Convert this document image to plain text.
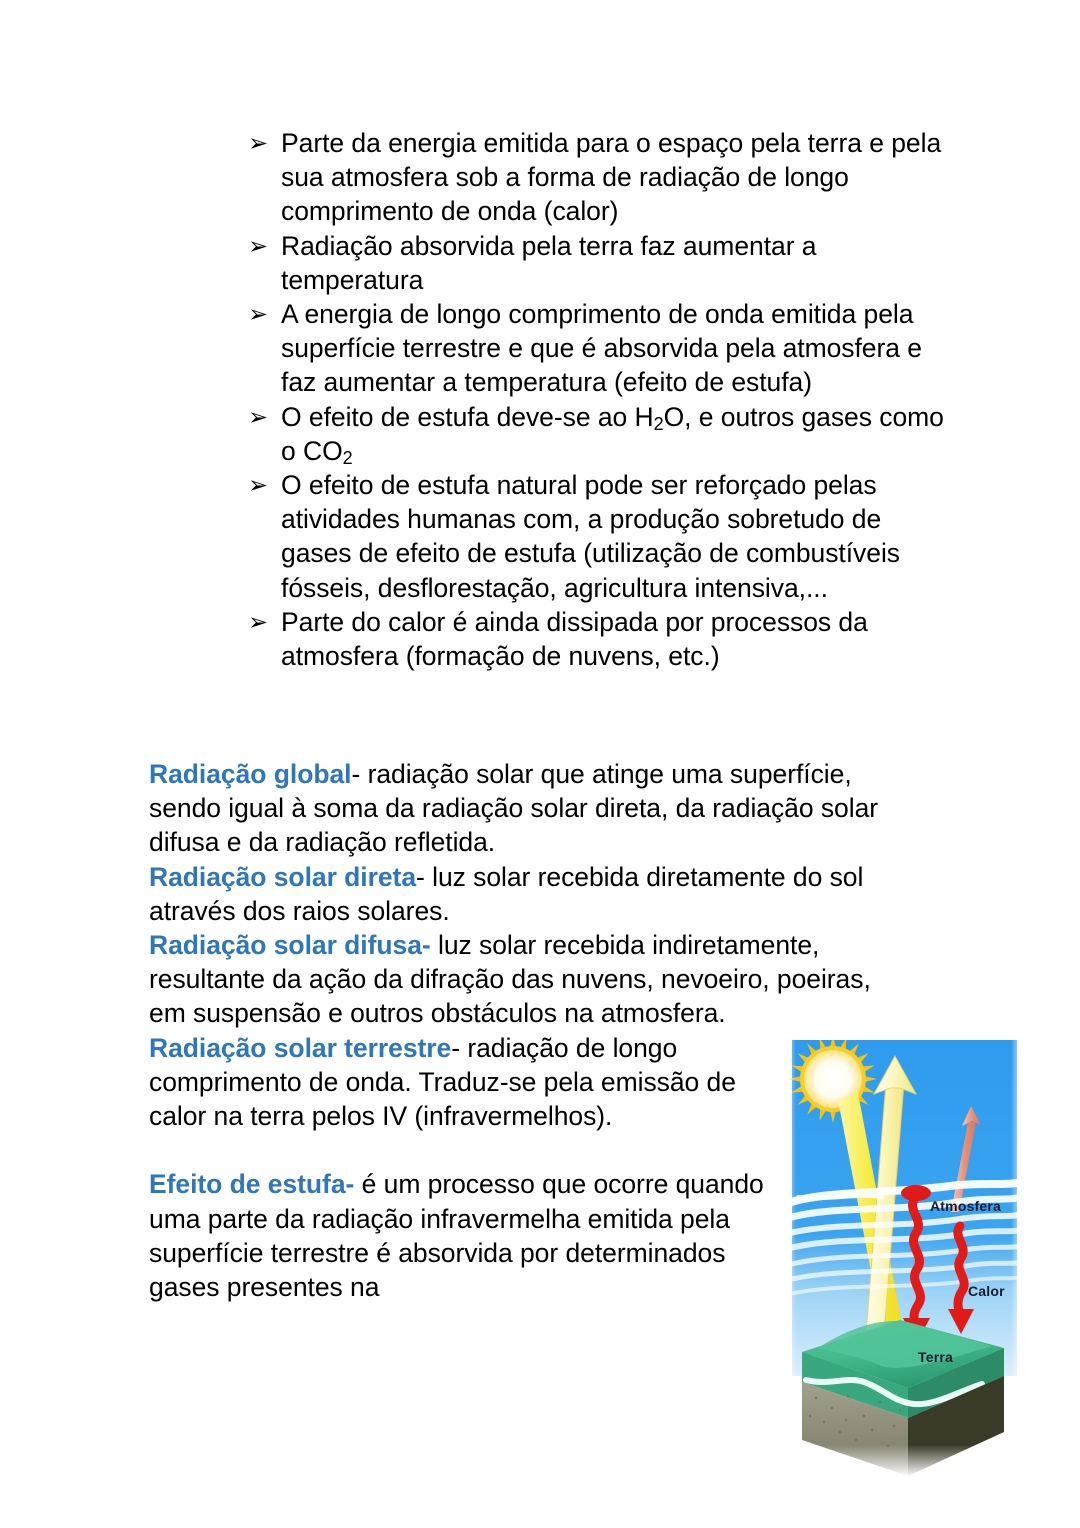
➢ Parte da energia emitida para o espaço pela terra e pela sua atmosfera sob a forma de radiação de longo comprimento de onda (calor)
➢ Radiação absorvida pela terra faz aumentar a temperatura
➢ A energia de longo comprimento de onda emitida pela superfície terrestre e que é absorvida pela atmosfera e faz aumentar a temperatura (efeito de estufa)
➢ O efeito de estufa deve-se ao $H_2O$, e outros gases como o $CO_2$
➢ O efeito de estufa natural pode ser reforçado pelas atividades humanas com, a produção sobretudo de gases de efeito de estufa (utilização de combustíveis fósseis, desflorestação, agricultura intensiva,...
➢ Parte do calor é ainda dissipada por processos da atmosfera (formação de nuvens, etc.)

Radiação global- radiação solar que atinge uma superfície, sendo igual à soma da radiação solar direta, da radiação solar difusa e da radiação refletida.

Radiação solar direta- luz solar recebida diretamente do sol através dos raios solares.

Radiação solar difusa- luz solar recebida indiretamente, resultante da ação da difração das nuvens, nevoeiro, poeiras, em suspensão e outros obstáculos na atmosfera.

Radiação solar terrestre- radiação de longo comprimento de onda. Traduz-se pela emissão de calor na terra pelos IV (infravermelhos).

Efeito de estufa- é um processo que ocorre quando uma parte da radiação infravermelha emitida pela superfície terrestre é absorvida por determinados gases presentes na

Atmosfera
Calor
Terra
